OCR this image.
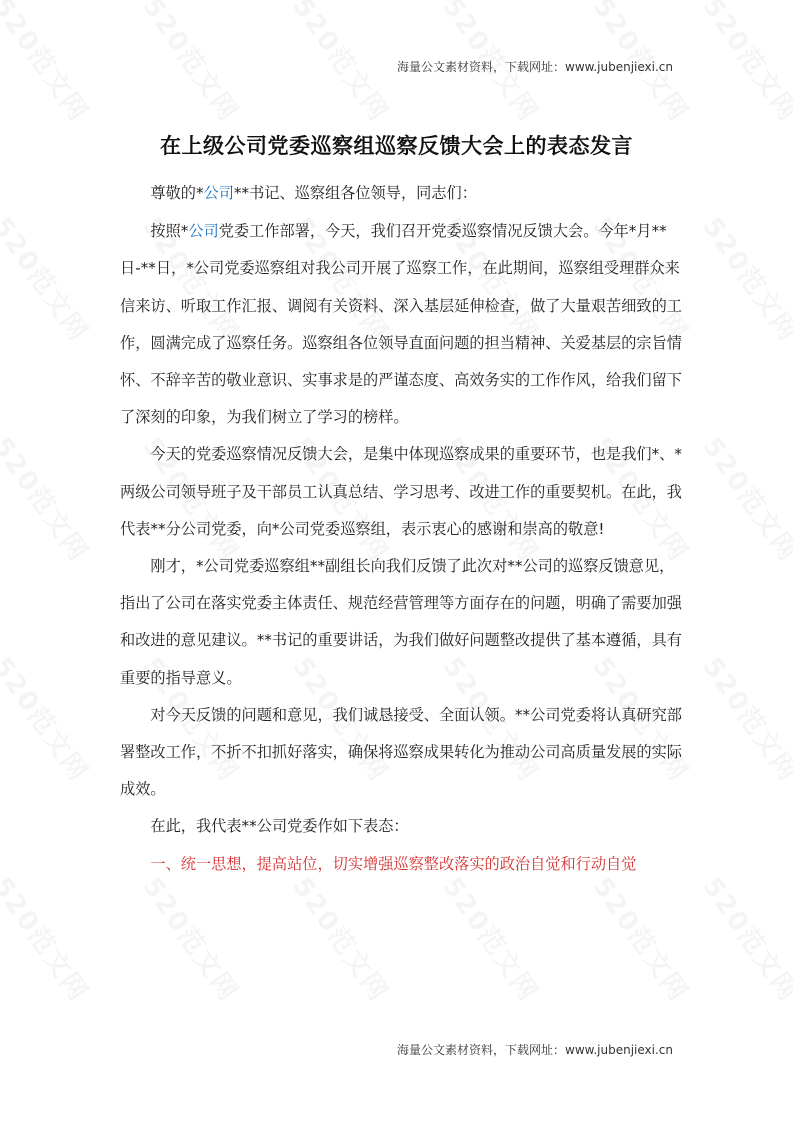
海量公文素材资料，下载网址：www.jubenjiexi.cn
在上级公司党委巡察组巡察反馈大会上的表态发言

尊敬的*公司**书记、巡察组各位领导，同志们：

按照*公司党委工作部署，今天，我们召开党委巡察情况反馈大会。今年*月**日-**日，*公司党委巡察组对我公司开展了巡察工作，在此期间，巡察组受理群众来信来访、听取工作汇报、调阅有关资料、深入基层延伸检查，做了大量艰苦细致的工作，圆满完成了巡察任务。巡察组各位领导直面问题的担当精神、关爱基层的宗旨情怀、不辞辛苦的敬业意识、实事求是的严谨态度、高效务实的工作作风，给我们留下了深刻的印象，为我们树立了学习的榜样。

今天的党委巡察情况反馈大会，是集中体现巡察成果的重要环节，也是我们*、*两级公司领导班子及干部员工认真总结、学习思考、改进工作的重要契机。在此，我代表**分公司党委，向*公司党委巡察组，表示衷心的感谢和崇高的敬意!

刚才，*公司党委巡察组**副组长向我们反馈了此次对**公司的巡察反馈意见，指出了公司在落实党委主体责任、规范经营管理等方面存在的问题，明确了需要加强和改进的意见建议。**书记的重要讲话，为我们做好问题整改提供了基本遵循，具有重要的指导意义。

对今天反馈的问题和意见，我们诚恳接受、全面认领。**公司党委将认真研究部署整改工作，不折不扣抓好落实，确保将巡察成果转化为推动公司高质量发展的实际成效。

在此，我代表**公司党委作如下表态：

一、统一思想，提高站位，切实增强巡察整改落实的政治自觉和行动自觉

海量公文素材资料，下载网址：www.jubenjiexi.cn
